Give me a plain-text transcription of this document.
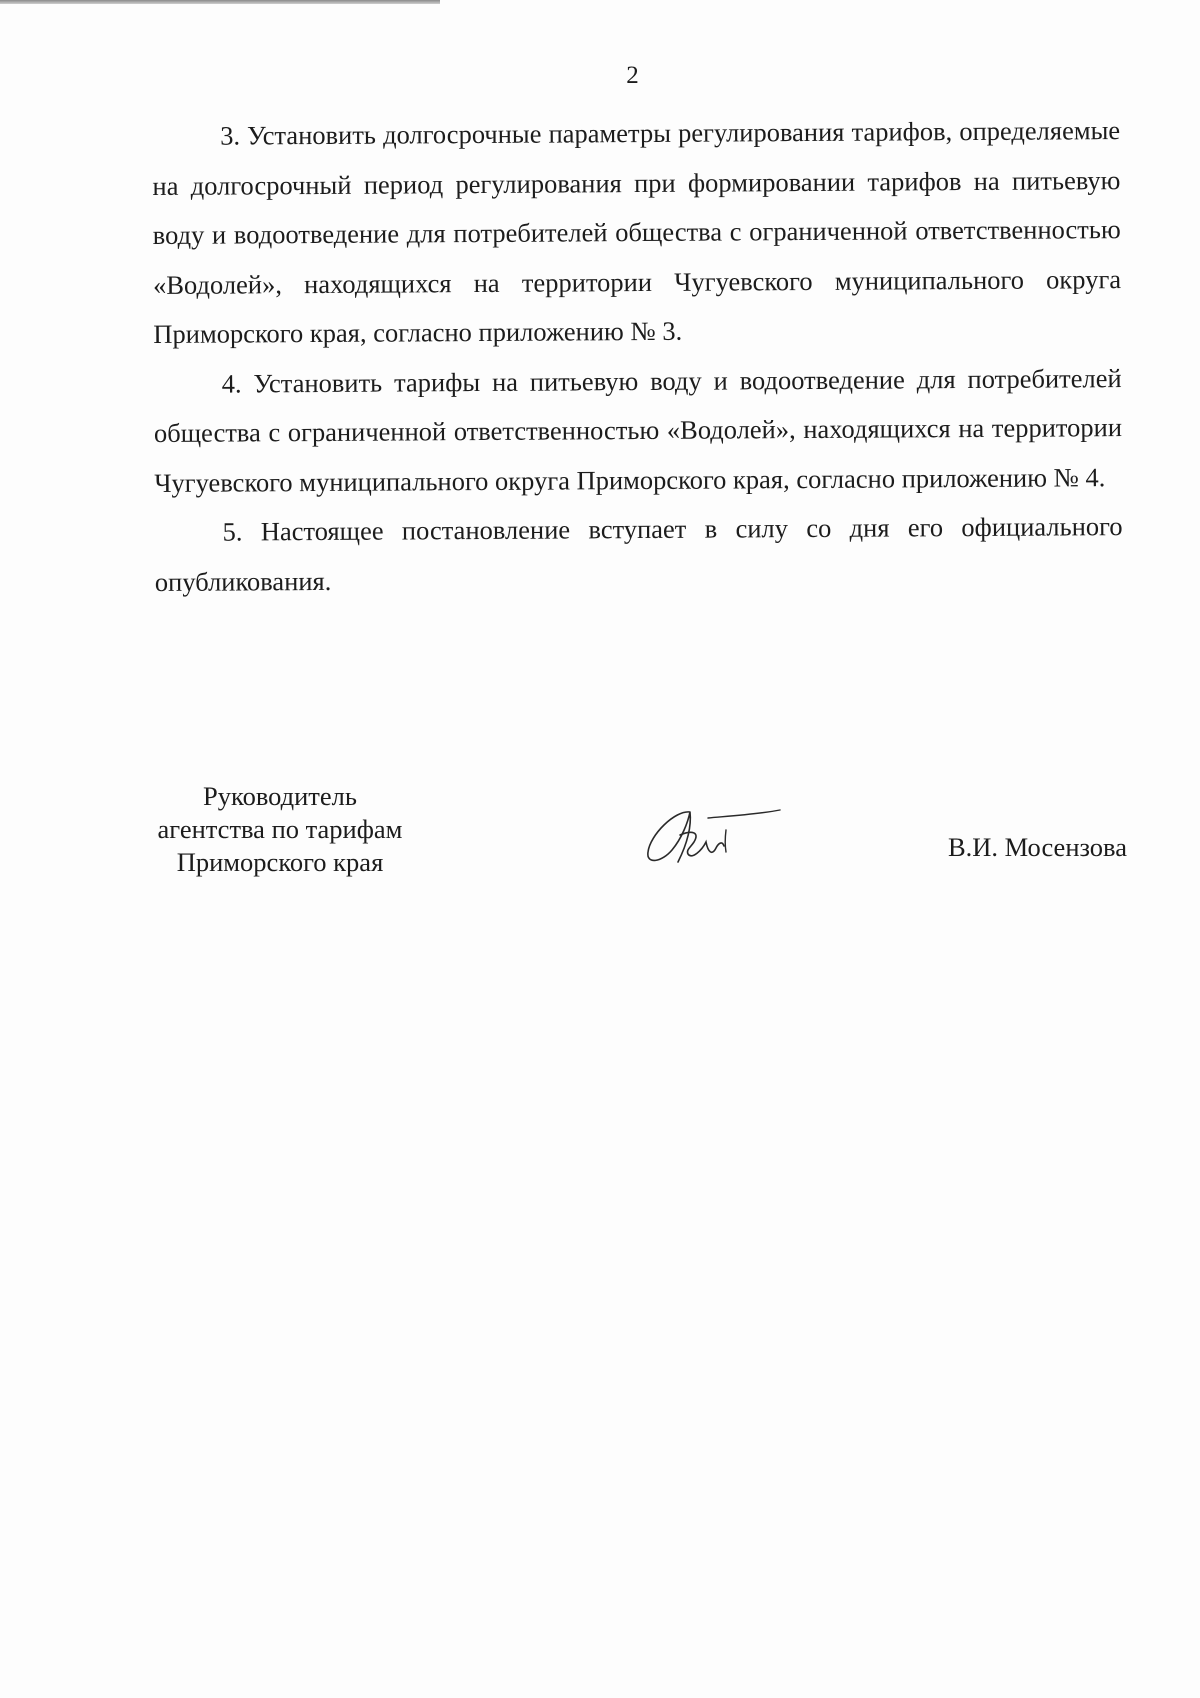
2

3. Установить долгосрочные параметры регулирования тарифов, определяемые на долгосрочный период регулирования при формировании тарифов на питьевую воду и водоотведение для потребителей общества с ограниченной ответственностью «Водолей», находящихся на территории Чугуевского муниципального округа Приморского края, согласно приложению № 3.

4. Установить тарифы на питьевую воду и водоотведение для потребителей общества с ограниченной ответственностью «Водолей», находящихся на территории Чугуевского муниципального округа Приморского края, согласно приложению № 4.

5. Настоящее постановление вступает в силу со дня его официального опубликования.

Руководитель
агентства по тарифам
Приморского края	В.И. Мосензова
